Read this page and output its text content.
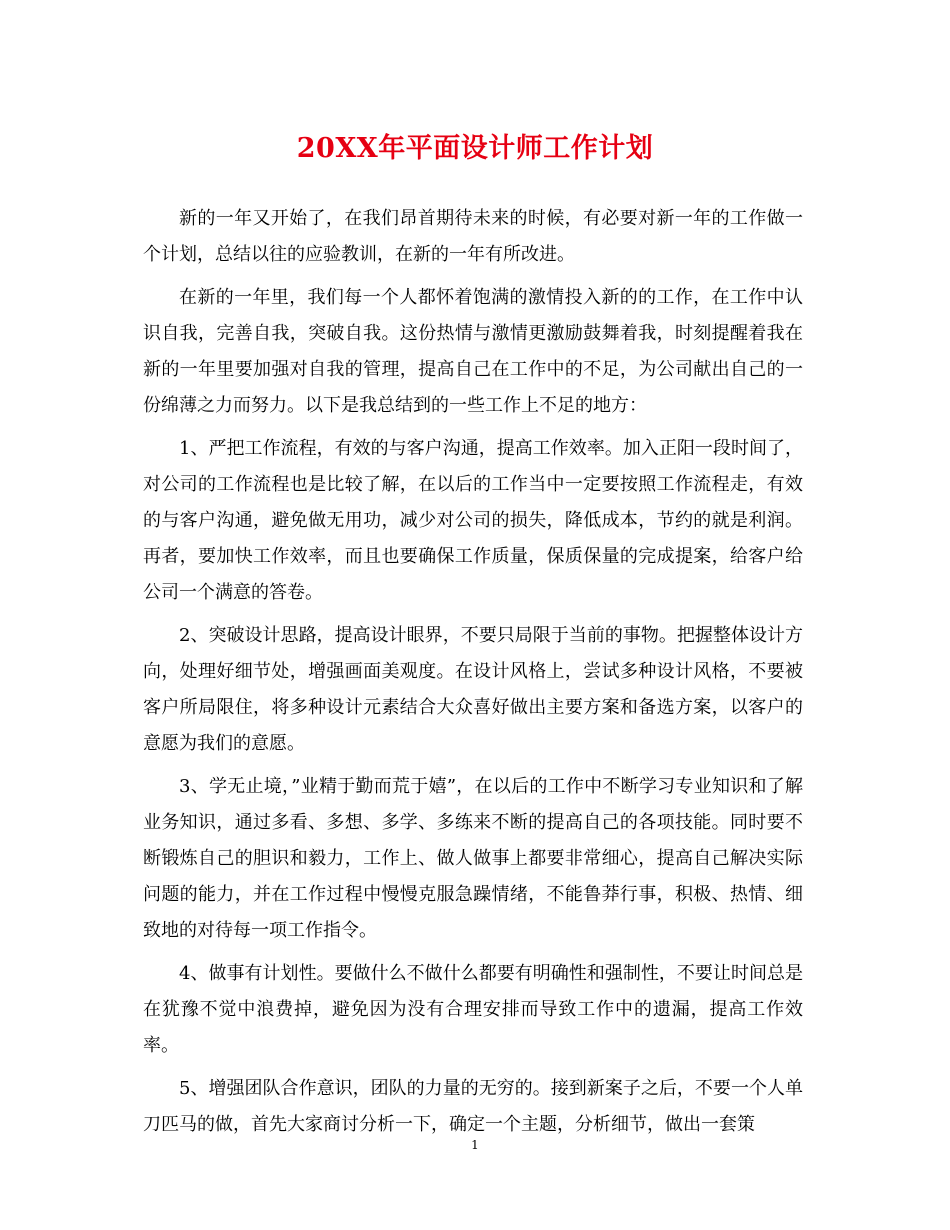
20XX年平面设计师工作计划

新的一年又开始了，在我们昂首期待未来的时候，有必要对新一年的工作做一个计划，总结以往的应验教训，在新的一年有所改进。

在新的一年里，我们每一个人都怀着饱满的激情投入新的的工作，在工作中认识自我，完善自我，突破自我。这份热情与激情更激励鼓舞着我，时刻提醒着我在新的一年里要加强对自我的管理，提高自己在工作中的不足，为公司献出自己的一份绵薄之力而努力。以下是我总结到的一些工作上不足的地方：

1、严把工作流程，有效的与客户沟通，提高工作效率。加入正阳一段时间了，对公司的工作流程也是比较了解，在以后的工作当中一定要按照工作流程走，有效的与客户沟通，避免做无用功，减少对公司的损失，降低成本，节约的就是利润。再者，要加快工作效率，而且也要确保工作质量，保质保量的完成提案，给客户给公司一个满意的答卷。

2、突破设计思路，提高设计眼界，不要只局限于当前的事物。把握整体设计方向，处理好细节处，增强画面美观度。在设计风格上，尝试多种设计风格，不要被客户所局限住，将多种设计元素结合大众喜好做出主要方案和备选方案，以客户的意愿为我们的意愿。

3、学无止境，”业精于勤而荒于嬉”，在以后的工作中不断学习专业知识和了解业务知识，通过多看、多想、多学、多练来不断的提高自己的各项技能。同时要不断锻炼自己的胆识和毅力，工作上、做人做事上都要非常细心，提高自己解决实际问题的能力，并在工作过程中慢慢克服急躁情绪，不能鲁莽行事，积极、热情、细致地的对待每一项工作指令。

4、做事有计划性。要做什么不做什么都要有明确性和强制性，不要让时间总是在犹豫不觉中浪费掉，避免因为没有合理安排而导致工作中的遗漏，提高工作效率。

5、增强团队合作意识，团队的力量的无穷的。接到新案子之后，不要一个人单刀匹马的做，首先大家商讨分析一下，确定一个主题，分析细节，做出一套策

1
